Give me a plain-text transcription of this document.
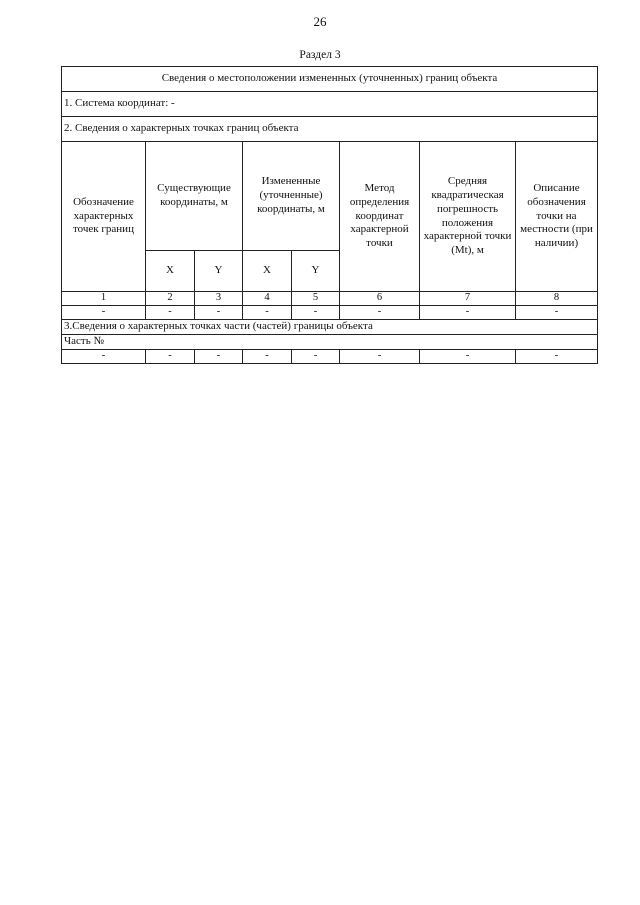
26
Раздел 3
Сведения о местоположении измененных (уточненных) границ объекта							
1. Система координат: -							
2. Сведения о характерных точках границ объекта							
Обозначение характерных точек границ	Существующие координаты, м		Измененные (уточненные) координаты, м		Метод определения координат характерной точки	Средняя квадратическая погрешность положения характерной точки (Mt), м	Описание обозначения точки на местности (при наличии)
	X	Y	X	Y			
1	2	3	4	5	6	7	8
-	-	-	-	-	-	-	-
3.Сведения о характерных точках части (частей) границы объекта							
Часть №							
-	-	-	-	-	-	-	-
